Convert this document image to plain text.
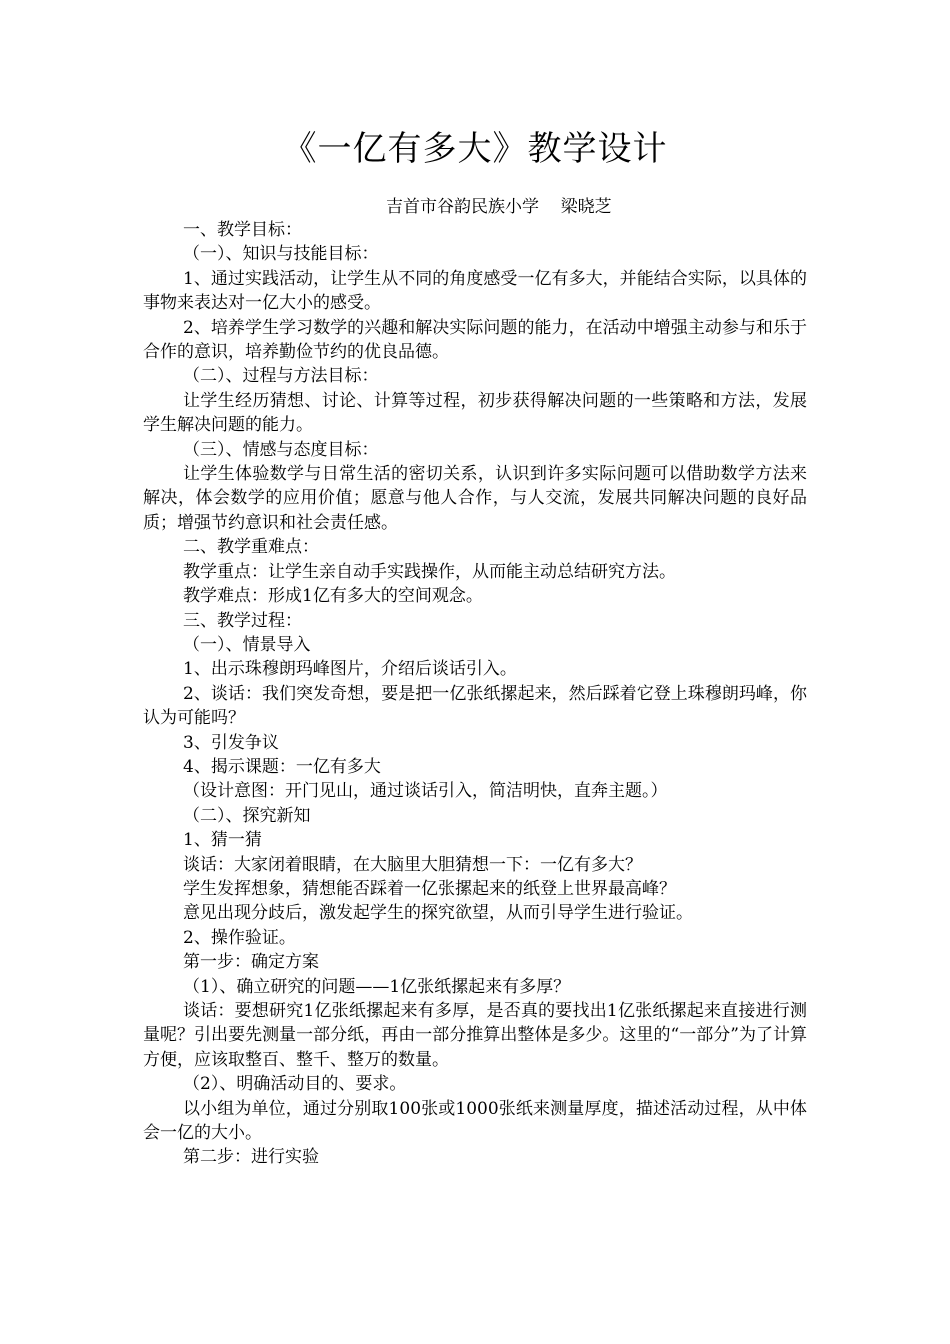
《一亿有多大》教学设计
吉首市谷韵民族小学    梁晓芝

一、教学目标：

（一）、知识与技能目标：

1、通过实践活动，让学生从不同的角度感受一亿有多大，并能结合实际，以具体的事物来表达对一亿大小的感受。

2、培养学生学习数学的兴趣和解决实际问题的能力，在活动中增强主动参与和乐于合作的意识，培养勤俭节约的优良品德。

（二）、过程与方法目标：

让学生经历猜想、讨论、计算等过程，初步获得解决问题的一些策略和方法，发展学生解决问题的能力。

（三）、情感与态度目标：

让学生体验数学与日常生活的密切关系，认识到许多实际问题可以借助数学方法来解决，体会数学的应用价值；愿意与他人合作，与人交流，发展共同解决问题的良好品质；增强节约意识和社会责任感。

二、教学重难点：

教学重点：让学生亲自动手实践操作，从而能主动总结研究方法。

教学难点：形成1亿有多大的空间观念。

三、教学过程：

（一）、情景导入

1、出示珠穆朗玛峰图片，介绍后谈话引入。

2、谈话：我们突发奇想，要是把一亿张纸摞起来，然后踩着它登上珠穆朗玛峰，你认为可能吗？

3、引发争议

4、揭示课题：一亿有多大

（设计意图：开门见山，通过谈话引入，简洁明快，直奔主题。）

（二）、探究新知

1、猜一猜

谈话：大家闭着眼睛，在大脑里大胆猜想一下：一亿有多大？

学生发挥想象，猜想能否踩着一亿张摞起来的纸登上世界最高峰？

意见出现分歧后，激发起学生的探究欲望，从而引导学生进行验证。

2、操作验证。

第一步：确定方案

（1）、确立研究的问题——1亿张纸摞起来有多厚？

谈话：要想研究1亿张纸摞起来有多厚，是否真的要找出1亿张纸摞起来直接进行测量呢？引出要先测量一部分纸，再由一部分推算出整体是多少。这里的“一部分”为了计算方便，应该取整百、整千、整万的数量。

（2）、明确活动目的、要求。

以小组为单位，通过分别取100张或1000张纸来测量厚度，描述活动过程，从中体会一亿的大小。

第二步：进行实验
